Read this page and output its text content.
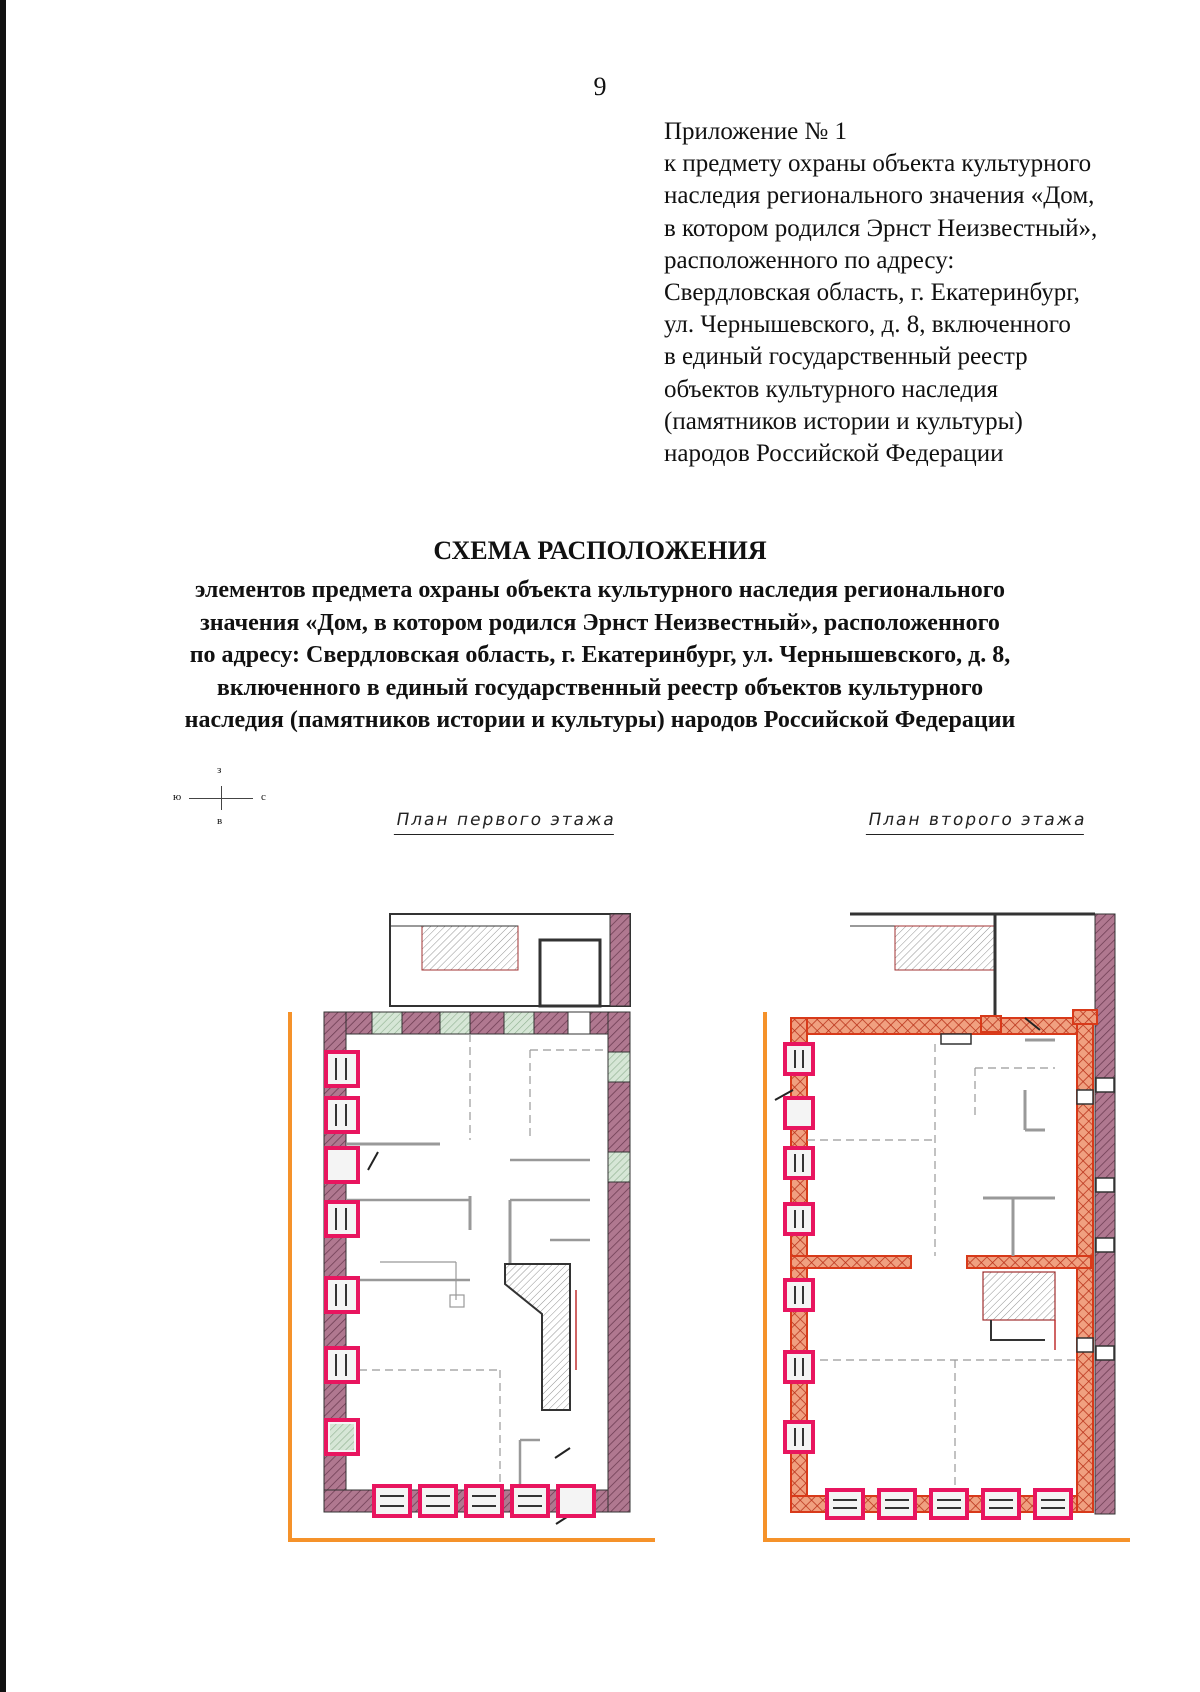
9
Приложение № 1
к предмету охраны объекта культурного
наследия регионального значения «Дом,
в котором родился Эрнст Неизвестный»,
расположенного по адресу:
Свердловская область, г. Екатеринбург,
ул. Чернышевского, д. 8, включенного
в единый государственный реестр
объектов культурного наследия
(памятников истории и культуры)
народов Российской Федерации
СХЕМА РАСПОЛОЖЕНИЯ
элементов предмета охраны объекта культурного наследия регионального
значения «Дом, в котором родился Эрнст Неизвестный», расположенного
по адресу: Свердловская область, г. Екатеринбург, ул. Чернышевского, д. 8,
включенного в единый государственный реестр объектов культурного
наследия (памятников истории и культуры) народов Российской Федерации
з
ю	с
в	План первого этажа	План второго этажа
